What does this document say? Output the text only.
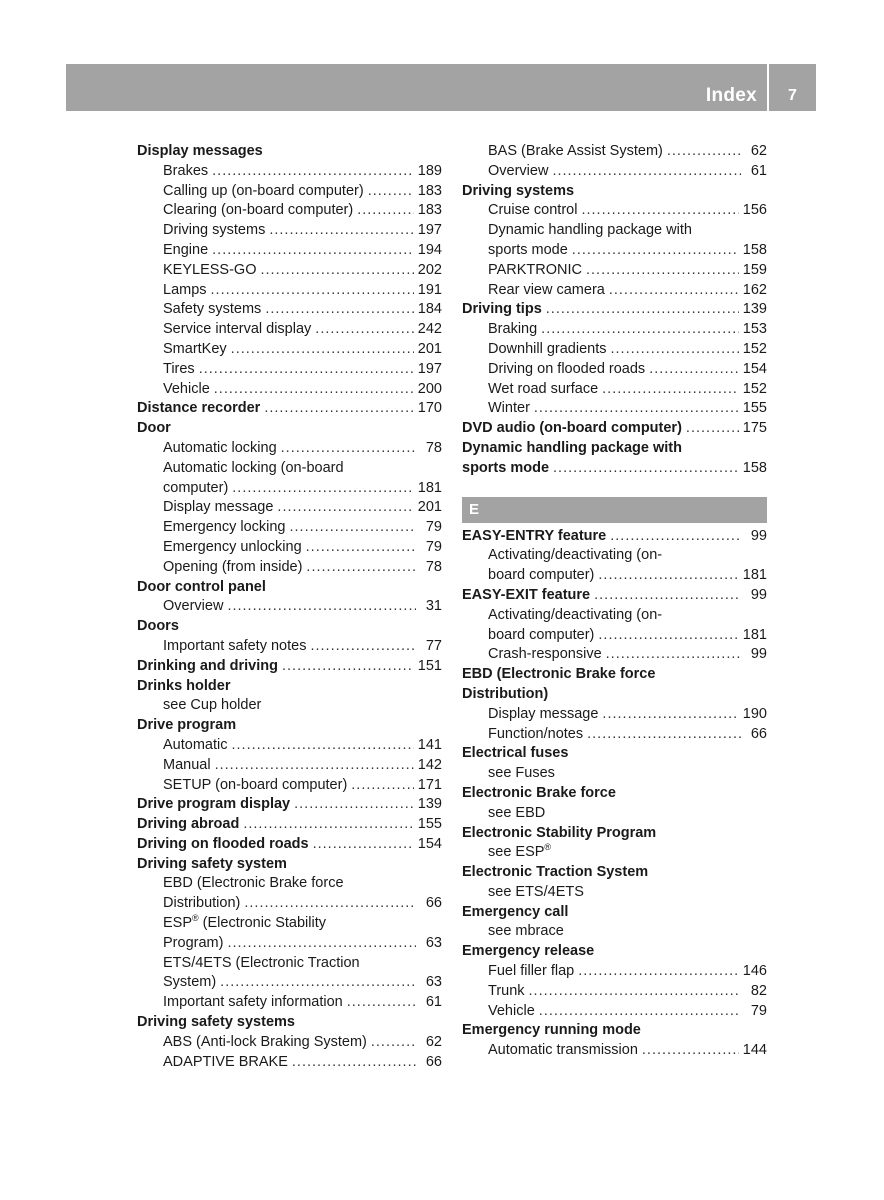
Index	7
Display messages
Brakes .....	189
Calling up (on-board computer) .....	183
Clearing (on-board computer) .....	183
Driving systems .....	197
Engine .....	194
KEYLESS-GO .....	202
Lamps .....	191
Safety systems .....	184
Service interval display .....	242
SmartKey .....	201
Tires .....	197
Vehicle .....	200
Distance recorder .....	170
Door
Automatic locking .....	78
Automatic locking (on-board
computer) .....	181
Display message .....	201
Emergency locking .....	79
Emergency unlocking .....	79
Opening (from inside) .....	78
Door control panel
Overview .....	31
Doors
Important safety notes .....	77
Drinking and driving .....	151
Drinks holder
see Cup holder
Drive program
Automatic .....	141
Manual .....	142
SETUP (on-board computer) .....	171
Drive program display .....	139
Driving abroad .....	155
Driving on flooded roads .....	154
Driving safety system
EBD (Electronic Brake force
Distribution) .....	66
ESP® (Electronic Stability
Program) .....	63
ETS/4ETS (Electronic Traction
System) .....	63
Important safety information .....	61
Driving safety systems
ABS (Anti-lock Braking System) .....	62
ADAPTIVE BRAKE .....	66
BAS (Brake Assist System) .....	62
Overview .....	61
Driving systems
Cruise control .....	156
Dynamic handling package with
sports mode .....	158
PARKTRONIC .....	159
Rear view camera .....	162
Driving tips .....	139
Braking .....	153
Downhill gradients .....	152
Driving on flooded roads .....	154
Wet road surface .....	152
Winter .....	155
DVD audio (on-board computer) .....	175
Dynamic handling package with
sports mode .....	158
E
EASY-ENTRY feature .....	99
Activating/deactivating (on-
board computer) .....	181
EASY-EXIT feature .....	99
Activating/deactivating (on-
board computer) .....	181
Crash-responsive .....	99
EBD (Electronic Brake force
Distribution)
Display message .....	190
Function/notes .....	66
Electrical fuses
see Fuses
Electronic Brake force
see EBD
Electronic Stability Program
see ESP®
Electronic Traction System
see ETS/4ETS
Emergency call
see mbrace
Emergency release
Fuel filler flap .....	146
Trunk .....	82
Vehicle .....	79
Emergency running mode
Automatic transmission .....	144
